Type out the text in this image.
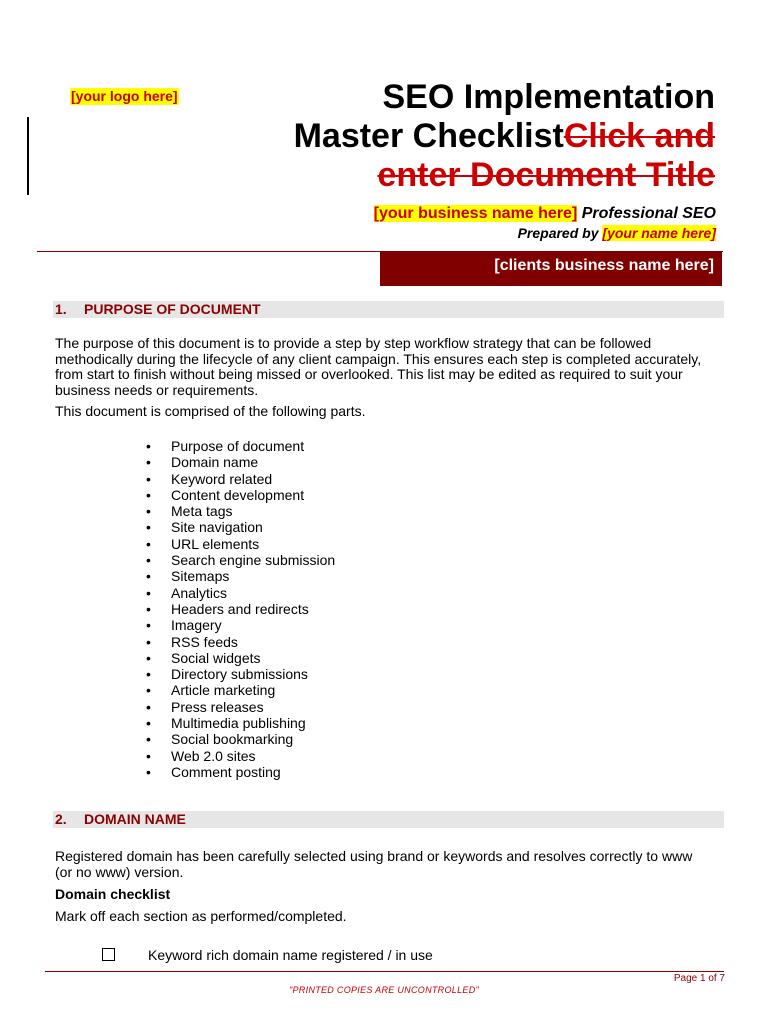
[your logo here]	SEO Implementation
Master ChecklistClick and
enter Document Title
[your business name here] Professional SEO
Prepared by [your name here]
[clients business name here]
1. PURPOSE OF DOCUMENT
The purpose of this document is to provide a step by step workflow strategy that can be followed
methodically during the lifecycle of any client campaign. This ensures each step is completed accurately,
from start to finish without being missed or overlooked. This list may be edited as required to suit your
business needs or requirements.
This document is comprised of the following parts.
• Purpose of document
• Domain name
• Keyword related
• Content development
• Meta tags
• Site navigation
• URL elements
• Search engine submission
• Sitemaps
• Analytics
• Headers and redirects
• Imagery
• RSS feeds
• Social widgets
• Directory submissions
• Article marketing
• Press releases
• Multimedia publishing
• Social bookmarking
• Web 2.0 sites
• Comment posting
2. DOMAIN NAME
Registered domain has been carefully selected using brand or keywords and resolves correctly to www
(or no www) version.
Domain checklist
Mark off each section as performed/completed.
Keyword rich domain name registered / in use
Page 1 of 7
"PRINTED COPIES ARE UNCONTROLLED"
